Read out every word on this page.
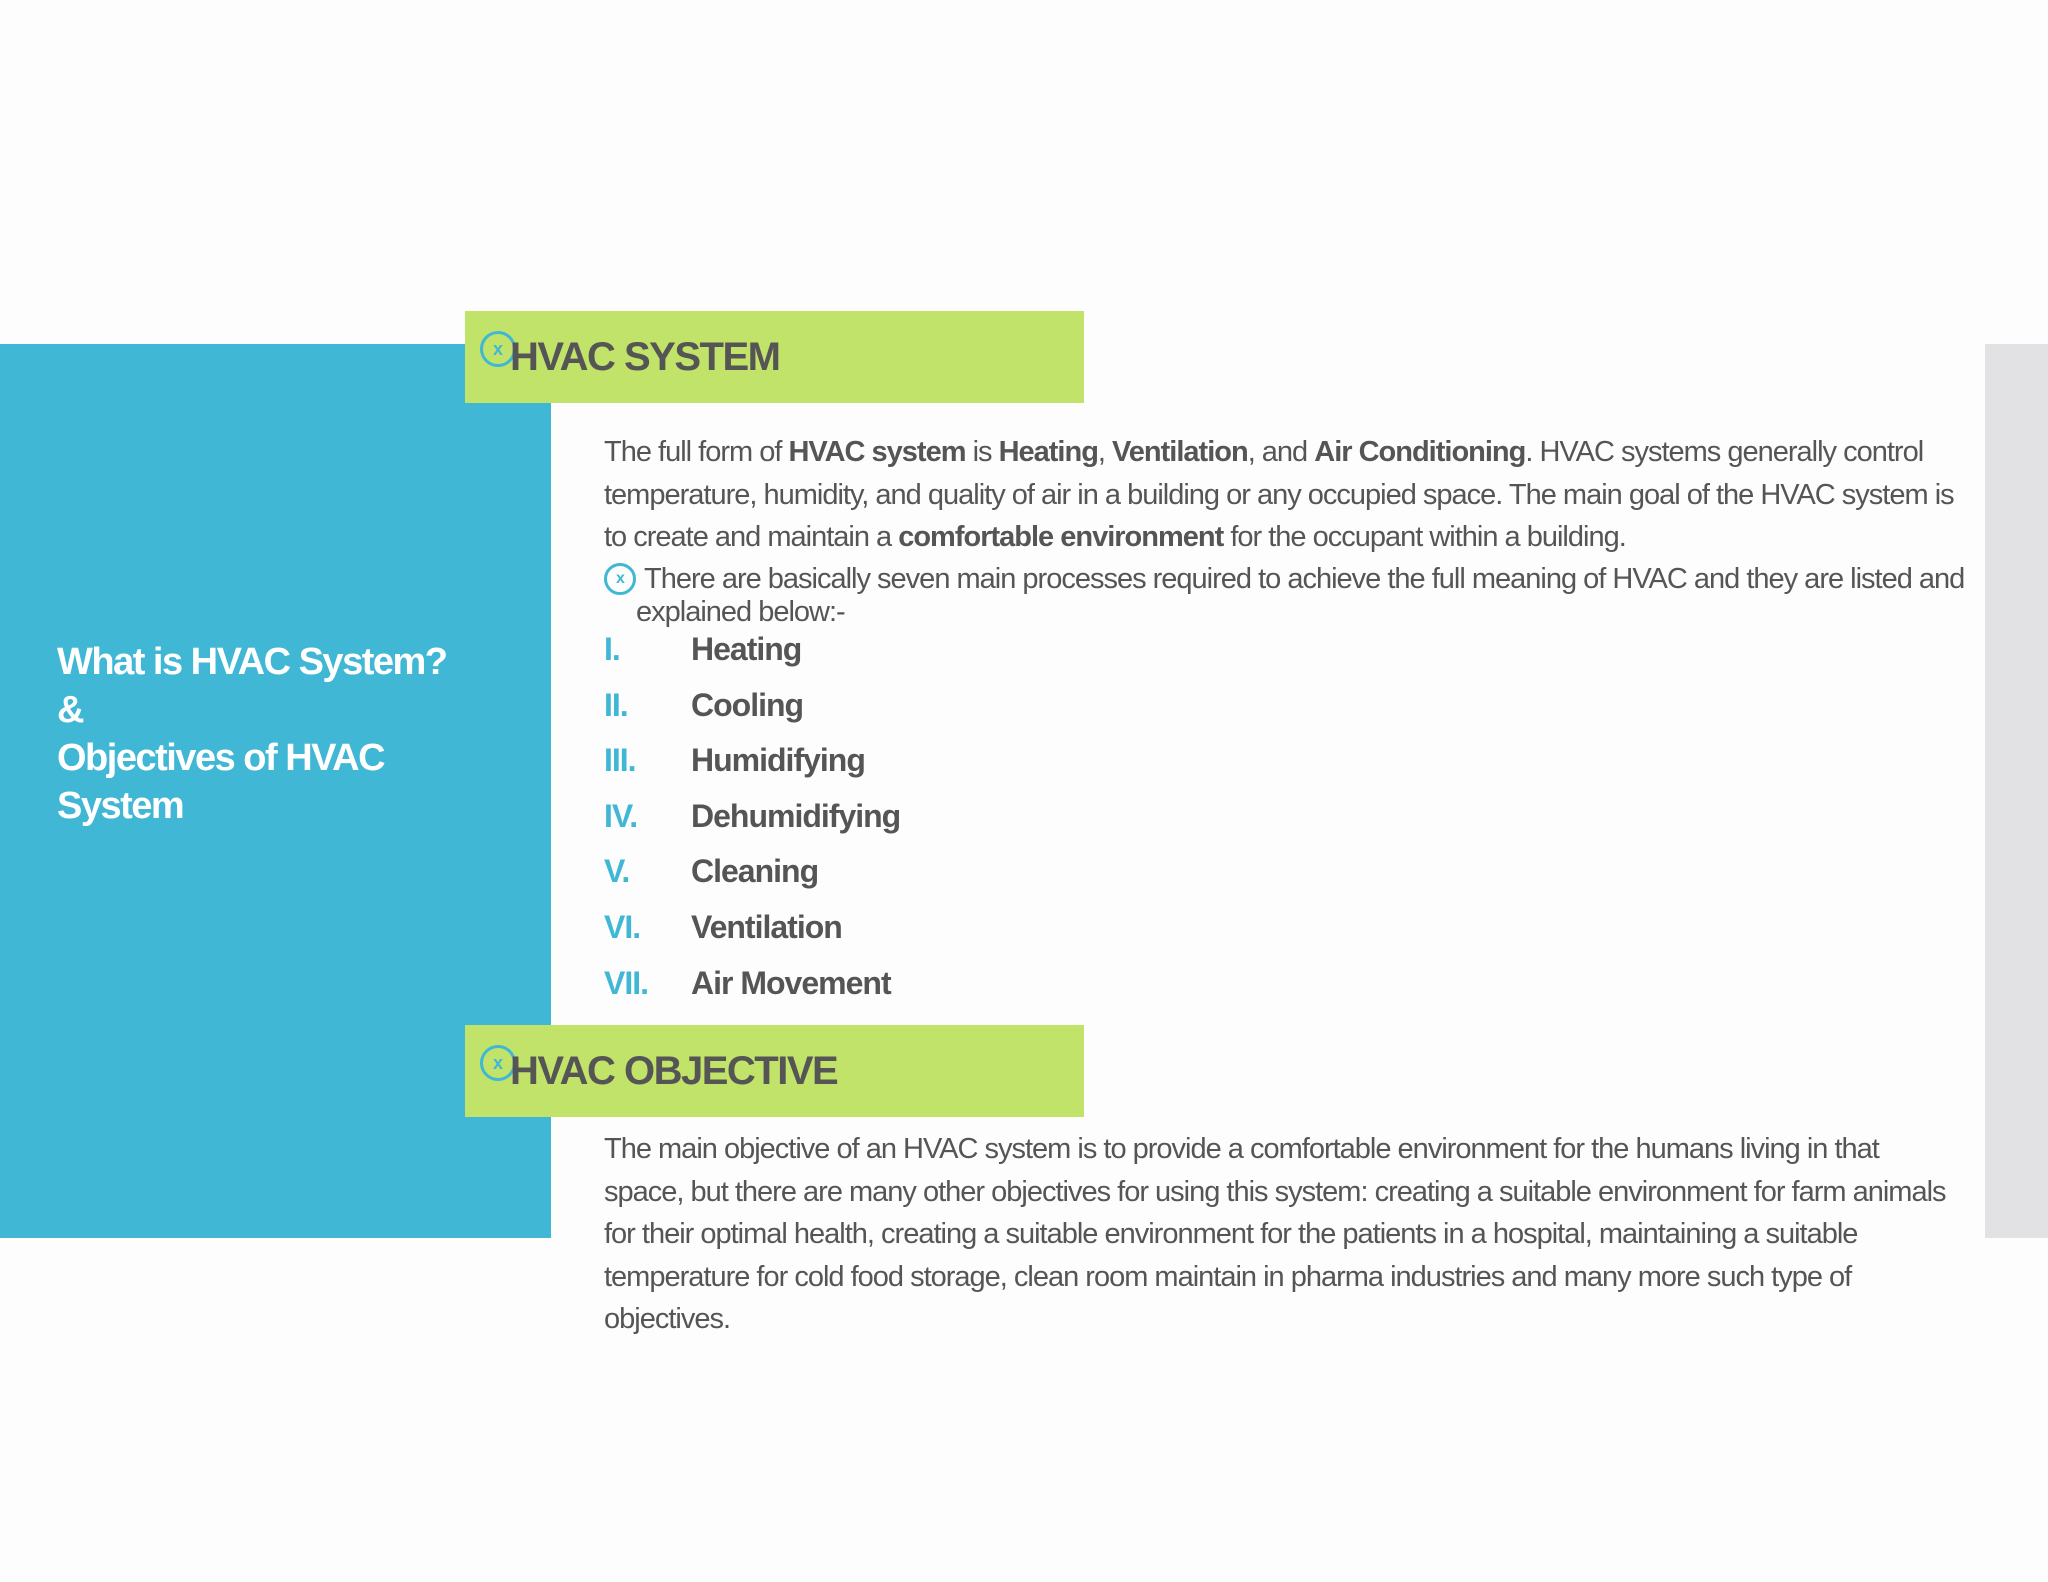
What is HVAC System? &
Objectives of HVAC System
x HVAC SYSTEM
The full form of HVAC system is Heating, Ventilation, and Air Conditioning. HVAC systems generally control temperature, humidity, and quality of air in a building or any occupied space. The main goal of the HVAC system is to create and maintain a comfortable environment for the occupant within a building.
x There are basically seven main processes required to achieve the full meaning of HVAC and they are listed and
explained below:-
I. Heating
II. Cooling
III. Humidifying
IV. Dehumidifying
V. Cleaning
VI. Ventilation
VII. Air Movement
x HVAC OBJECTIVE
The main objective of an HVAC system is to provide a comfortable environment for the humans living in that space, but there are many other objectives for using this system: creating a suitable environment for farm animals for their optimal health, creating a suitable environment for the patients in a hospital, maintaining a suitable temperature for cold food storage, clean room maintain in pharma industries and many more such type of objectives.
